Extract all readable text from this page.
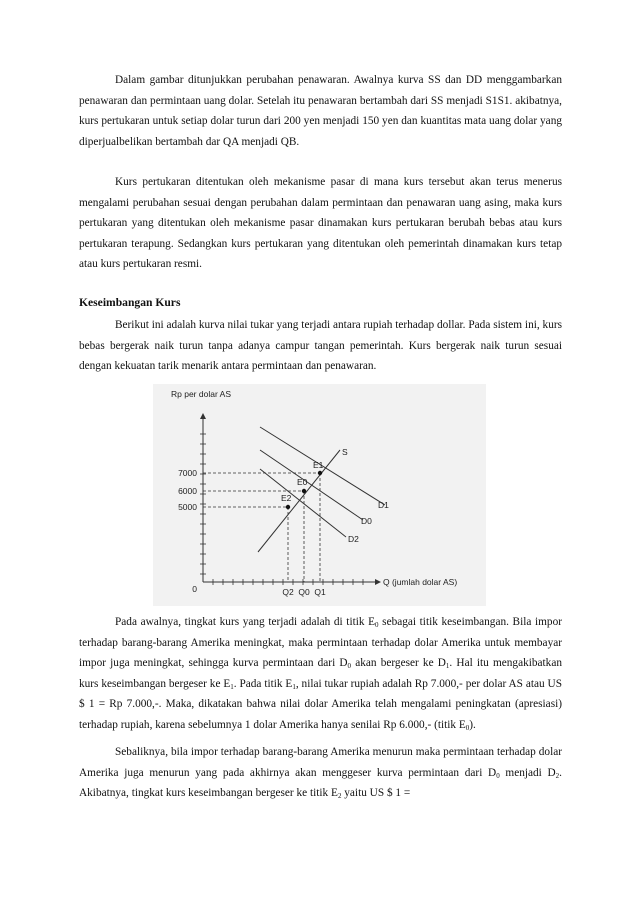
Dalam gambar ditunjukkan perubahan penawaran. Awalnya kurva SS dan DD menggambarkan penawaran dan permintaan uang dolar. Setelah itu penawaran bertambah dari SS menjadi S1S1. akibatnya, kurs pertukaran untuk setiap dolar turun dari 200 yen menjadi 150 yen dan kuantitas mata uang dolar yang diperjualbelikan bertambah dar QA menjadi QB.

Kurs pertukaran ditentukan oleh mekanisme pasar di mana kurs tersebut akan terus menerus mengalami perubahan sesuai dengan perubahan dalam permintaan dan penawaran uang asing, maka kurs pertukaran yang ditentukan oleh mekanisme pasar dinamakan kurs pertukaran berubah bebas atau kurs pertukaran terapung. Sedangkan kurs pertukaran yang ditentukan oleh pemerintah dinamakan kurs tetap atau kurs pertukaran resmi.

Keseimbangan Kurs

Berikut ini adalah kurva nilai tukar yang terjadi antara rupiah terhadap dollar. Pada sistem ini, kurs bebas bergerak naik turun tanpa adanya campur tangan pemerintah. Kurs bergerak naik turun sesuai dengan kekuatan tarik menarik antara permintaan dan penawaran.

Rp per dolar AS
0
7000
6000
5000
Q2 Q0 Q1
Q (jumlah dolar AS)
S
D1
D0
D2
E1
E0
E2

Pada awalnya, tingkat kurs yang terjadi adalah di titik $E_0$ sebagai titik keseimbangan. Bila impor terhadap barang-barang Amerika meningkat, maka permintaan terhadap dolar Amerika untuk membayar impor juga meningkat, sehingga kurva permintaan dari $D_0$ akan bergeser ke $D_1$. Hal itu mengakibatkan kurs keseimbangan bergeser ke $E_1$. Pada titik $E_1$, nilai tukar rupiah adalah Rp 7.000,- per dolar AS atau US $ 1 = Rp 7.000,-. Maka, dikatakan bahwa nilai dolar Amerika telah mengalami peningkatan (apresiasi) terhadap rupiah, karena sebelumnya 1 dolar Amerika hanya senilai Rp 6.000,- (titik $E_0$).

Sebaliknya, bila impor terhadap barang-barang Amerika menurun maka permintaan terhadap dolar Amerika juga menurun yang pada akhirnya akan menggeser kurva permintaan dari $D_0$ menjadi $D_2$. Akibatnya, tingkat kurs keseimbangan bergeser ke titik $E_2$ yaitu US $ 1 =
